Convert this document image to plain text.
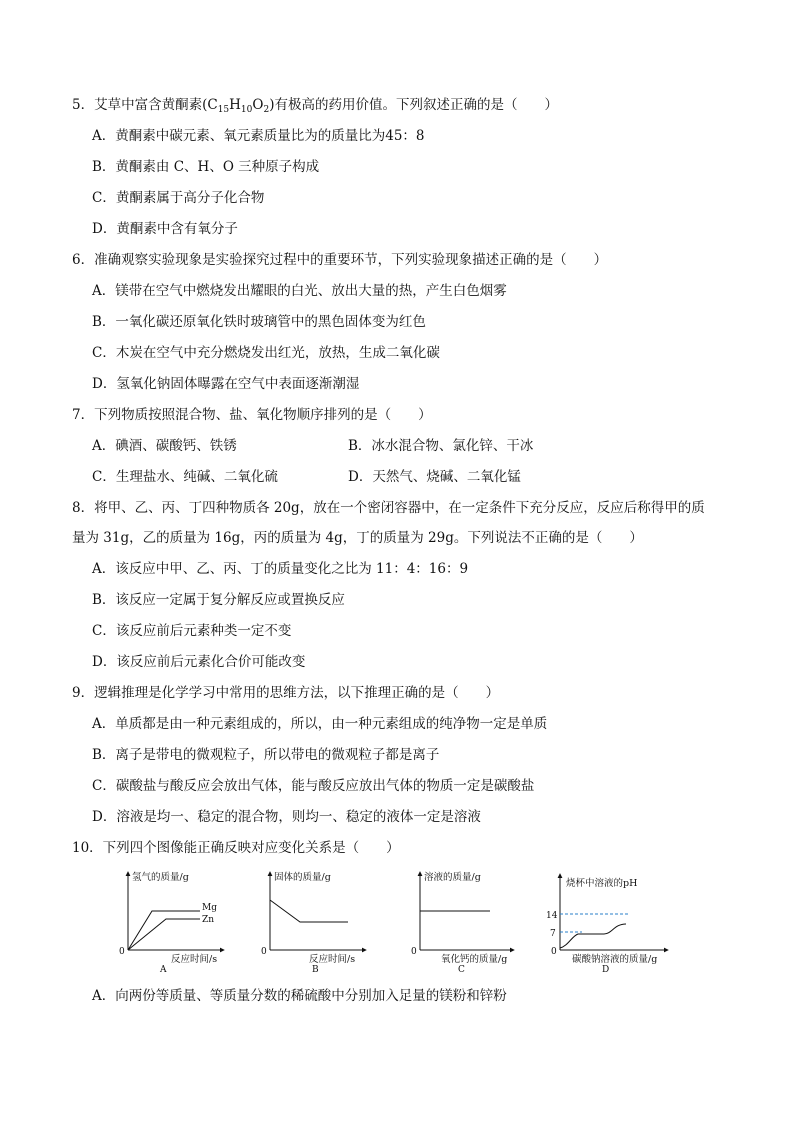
5．艾草中富含黄酮素$(C_{15}H_{10}O_2)$有极高的药用价值。下列叙述正确的是（　　）
A．黄酮素中碳元素、氧元素质量比为的质量比为45：8
B．黄酮素由 C、H、O 三种原子构成
C．黄酮素属于高分子化合物
D．黄酮素中含有氧分子
6．准确观察实验现象是实验探究过程中的重要环节，下列实验现象描述正确的是（　　）
A．镁带在空气中燃烧发出耀眼的白光、放出大量的热，产生白色烟雾
B．一氧化碳还原氧化铁时玻璃管中的黑色固体变为红色
C．木炭在空气中充分燃烧发出红光，放热，生成二氧化碳
D．氢氧化钠固体曝露在空气中表面逐渐潮湿
7．下列物质按照混合物、盐、氧化物顺序排列的是（　　）
A．碘酒、碳酸钙、铁锈	B．冰水混合物、氯化锌、干冰
C．生理盐水、纯碱、二氧化硫	D．天然气、烧碱、二氧化锰
8．将甲、乙、丙、丁四种物质各 20g，放在一个密闭容器中，在一定条件下充分反应，反应后称得甲的质
量为 31g，乙的质量为 16g，丙的质量为 4g，丁的质量为 29g。下列说法不正确的是（　　）
A．该反应中甲、乙、丙、丁的质量变化之比为 11：4：16：9
B．该反应一定属于复分解反应或置换反应
C．该反应前后元素种类一定不变
D．该反应前后元素化合价可能改变
9．逻辑推理是化学学习中常用的思维方法，以下推理正确的是（　　）
A．单质都是由一种元素组成的，所以，由一种元素组成的纯净物一定是单质
B．离子是带电的微观粒子，所以带电的微观粒子都是离子
C．碳酸盐与酸反应会放出气体，能与酸反应放出气体的物质一定是碳酸盐
D．溶液是均一、稳定的混合物，则均一、稳定的液体一定是溶液
10．下列四个图像能正确反映对应变化关系是（　　）
氢气的质量/g
反应时间/s
0
Mg
Zn
A
固体的质量/g
反应时间/s
0
B
溶液的质量/g
氧化钙的质量/g
0
C
烧杯中溶液的pH
碳酸钠溶液的质量/g
0
14
7
D
A．向两份等质量、等质量分数的稀硫酸中分别加入足量的镁粉和锌粉
